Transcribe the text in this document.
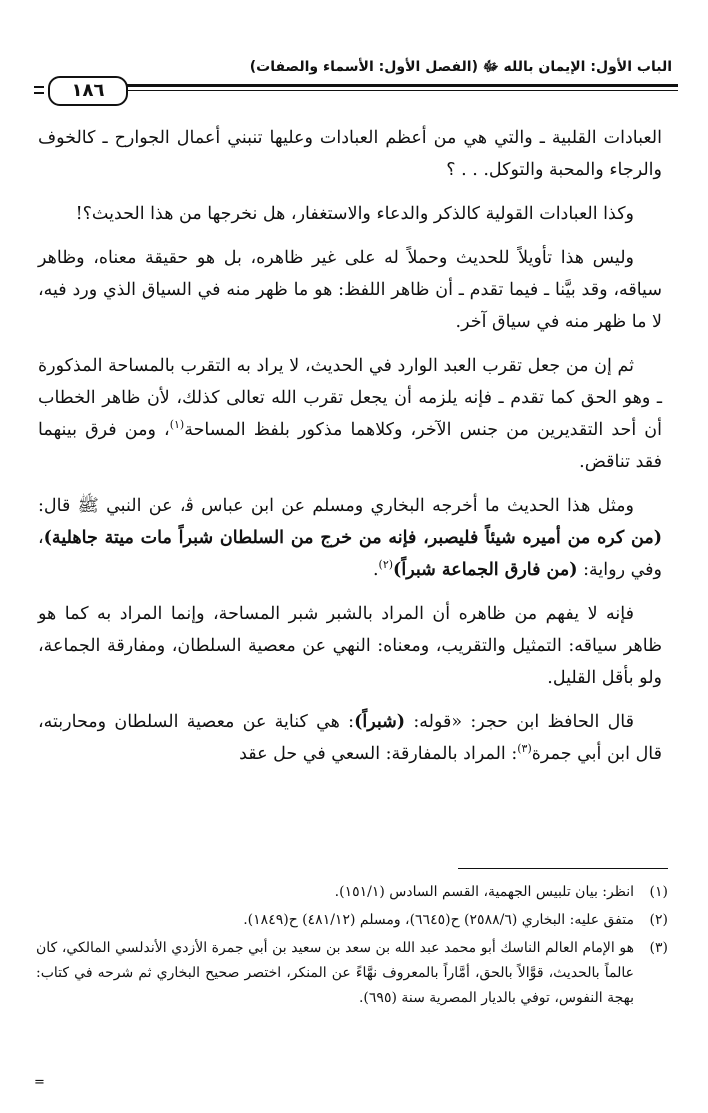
الباب الأول: الإيمان بالله ﷻ (الفصل الأول: الأسماء والصفات)
١٨٦

العبادات القلبية ـ والتي هي من أعظم العبادات وعليها تنبني أعمال الجوارح ـ كالخوف والرجاء والمحبة والتوكل. . . ؟

وكذا العبادات القولية كالذكر والدعاء والاستغفار، هل نخرجها من هذا الحديث؟!

وليس هذا تأويلاً للحديث وحملاً له على غير ظاهره، بل هو حقيقة معناه، وظاهر سياقه، وقد بيَّنا ـ فيما تقدم ـ أن ظاهر اللفظ: هو ما ظهر منه في السياق الذي ورد فيه، لا ما ظهر منه في سياق آخر.

ثم إن من جعل تقرب العبد الوارد في الحديث، لا يراد به التقرب بالمساحة المذكورة ـ وهو الحق كما تقدم ـ فإنه يلزمه أن يجعل تقرب الله تعالى كذلك، لأن ظاهر الخطاب أن أحد التقديرين من جنس الآخر، وكلاهما مذكور بلفظ المساحة$^{(١)}$، ومن فرق بينهما فقد تناقض.

ومثل هذا الحديث ما أخرجه البخاري ومسلم عن ابن عباس ﭬ، عن النبي ﷺ قال: (من كره من أميره شيئاً فليصبر، فإنه من خرج من السلطان شبراً مات ميتة جاهلية)، وفي رواية: (من فارق الجماعة شبراً)$^{(٢)}$.

فإنه لا يفهم من ظاهره أن المراد بالشبر شبر المساحة، وإنما المراد به كما هو ظاهر سياقه: التمثيل والتقريب، ومعناه: النهي عن معصية السلطان، ومفارقة الجماعة، ولو بأقل القليل.

قال الحافظ ابن حجر: «قوله: (شبراً): هي كناية عن معصية السلطان ومحاربته، قال ابن أبي جمرة$^{(٣)}$: المراد بالمفارقة: السعي في حل عقد

(١)
انظر: بيان تلبيس الجهمية، القسم السادس (١٥١/١).
(٢)
متفق عليه: البخاري (٢٥٨٨/٦) ح(٦٦٤٥)، ومسلم (٤٨١/١٢) ح(١٨٤٩).
(٣)
هو الإمام العالم الناسك أبو محمد عبد الله بن سعد بن سعيد بن أبي جمرة الأزدي الأندلسي المالكي، كان عالماً بالحديث، قوَّالاً بالحق، أمَّاراً بالمعروف نهَّاءً عن المنكر، اختصر صحيح البخاري ثم شرحه في كتاب: بهجة النفوس، توفي بالديار المصرية سنة (٦٩٥).
=
